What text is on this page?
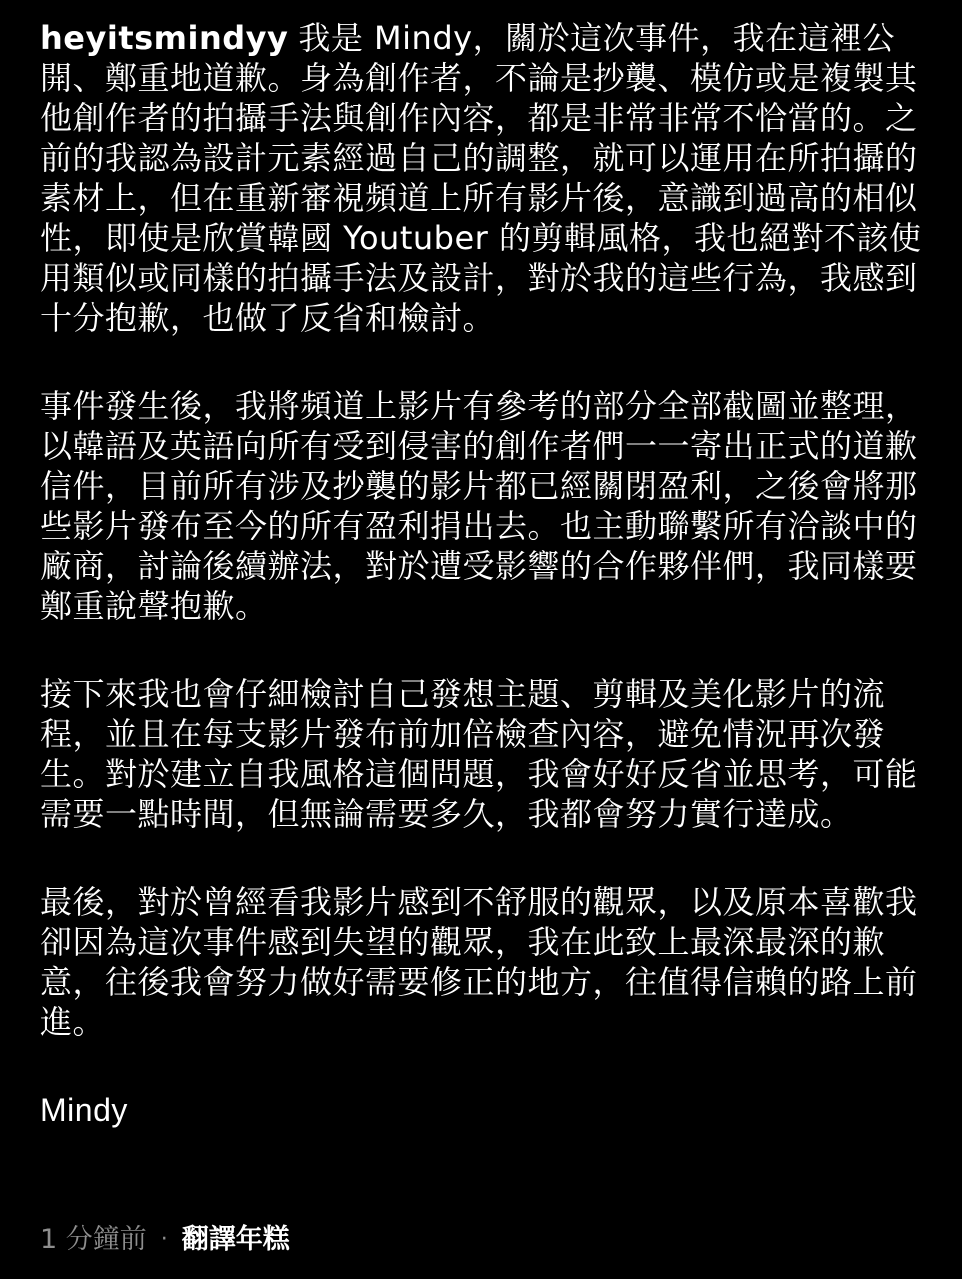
heyitsmindyy 我是 Mindy，關於這次事件，我在這裡公開、鄭重地道歉。身為創作者，不論是抄襲、模仿或是複製其他創作者的拍攝手法與創作內容，都是非常非常不恰當的。之前的我認為設計元素經過自己的調整，就可以運用在所拍攝的素材上，但在重新審視頻道上所有影片後，意識到過高的相似性，即使是欣賞韓國 Youtuber 的剪輯風格，我也絕對不該使用類似或同樣的拍攝手法及設計，對於我的這些行為，我感到十分抱歉，也做了反省和檢討。

事件發生後，我將頻道上影片有參考的部分全部截圖並整理，以韓語及英語向所有受到侵害的創作者們一一寄出正式的道歉信件，目前所有涉及抄襲的影片都已經關閉盈利，之後會將那些影片發布至今的所有盈利捐出去。也主動聯繫所有洽談中的廠商，討論後續辦法，對於遭受影響的合作夥伴們，我同樣要鄭重說聲抱歉。

接下來我也會仔細檢討自己發想主題、剪輯及美化影片的流程，並且在每支影片發布前加倍檢查內容，避免情況再次發生。對於建立自我風格這個問題，我會好好反省並思考，可能需要一點時間，但無論需要多久，我都會努力實行達成。

最後，對於曾經看我影片感到不舒服的觀眾，以及原本喜歡我卻因為這次事件感到失望的觀眾，我在此致上最深最深的歉意，往後我會努力做好需要修正的地方，往值得信賴的路上前進。

Mindy

1 分鐘前 · 翻譯年糕
